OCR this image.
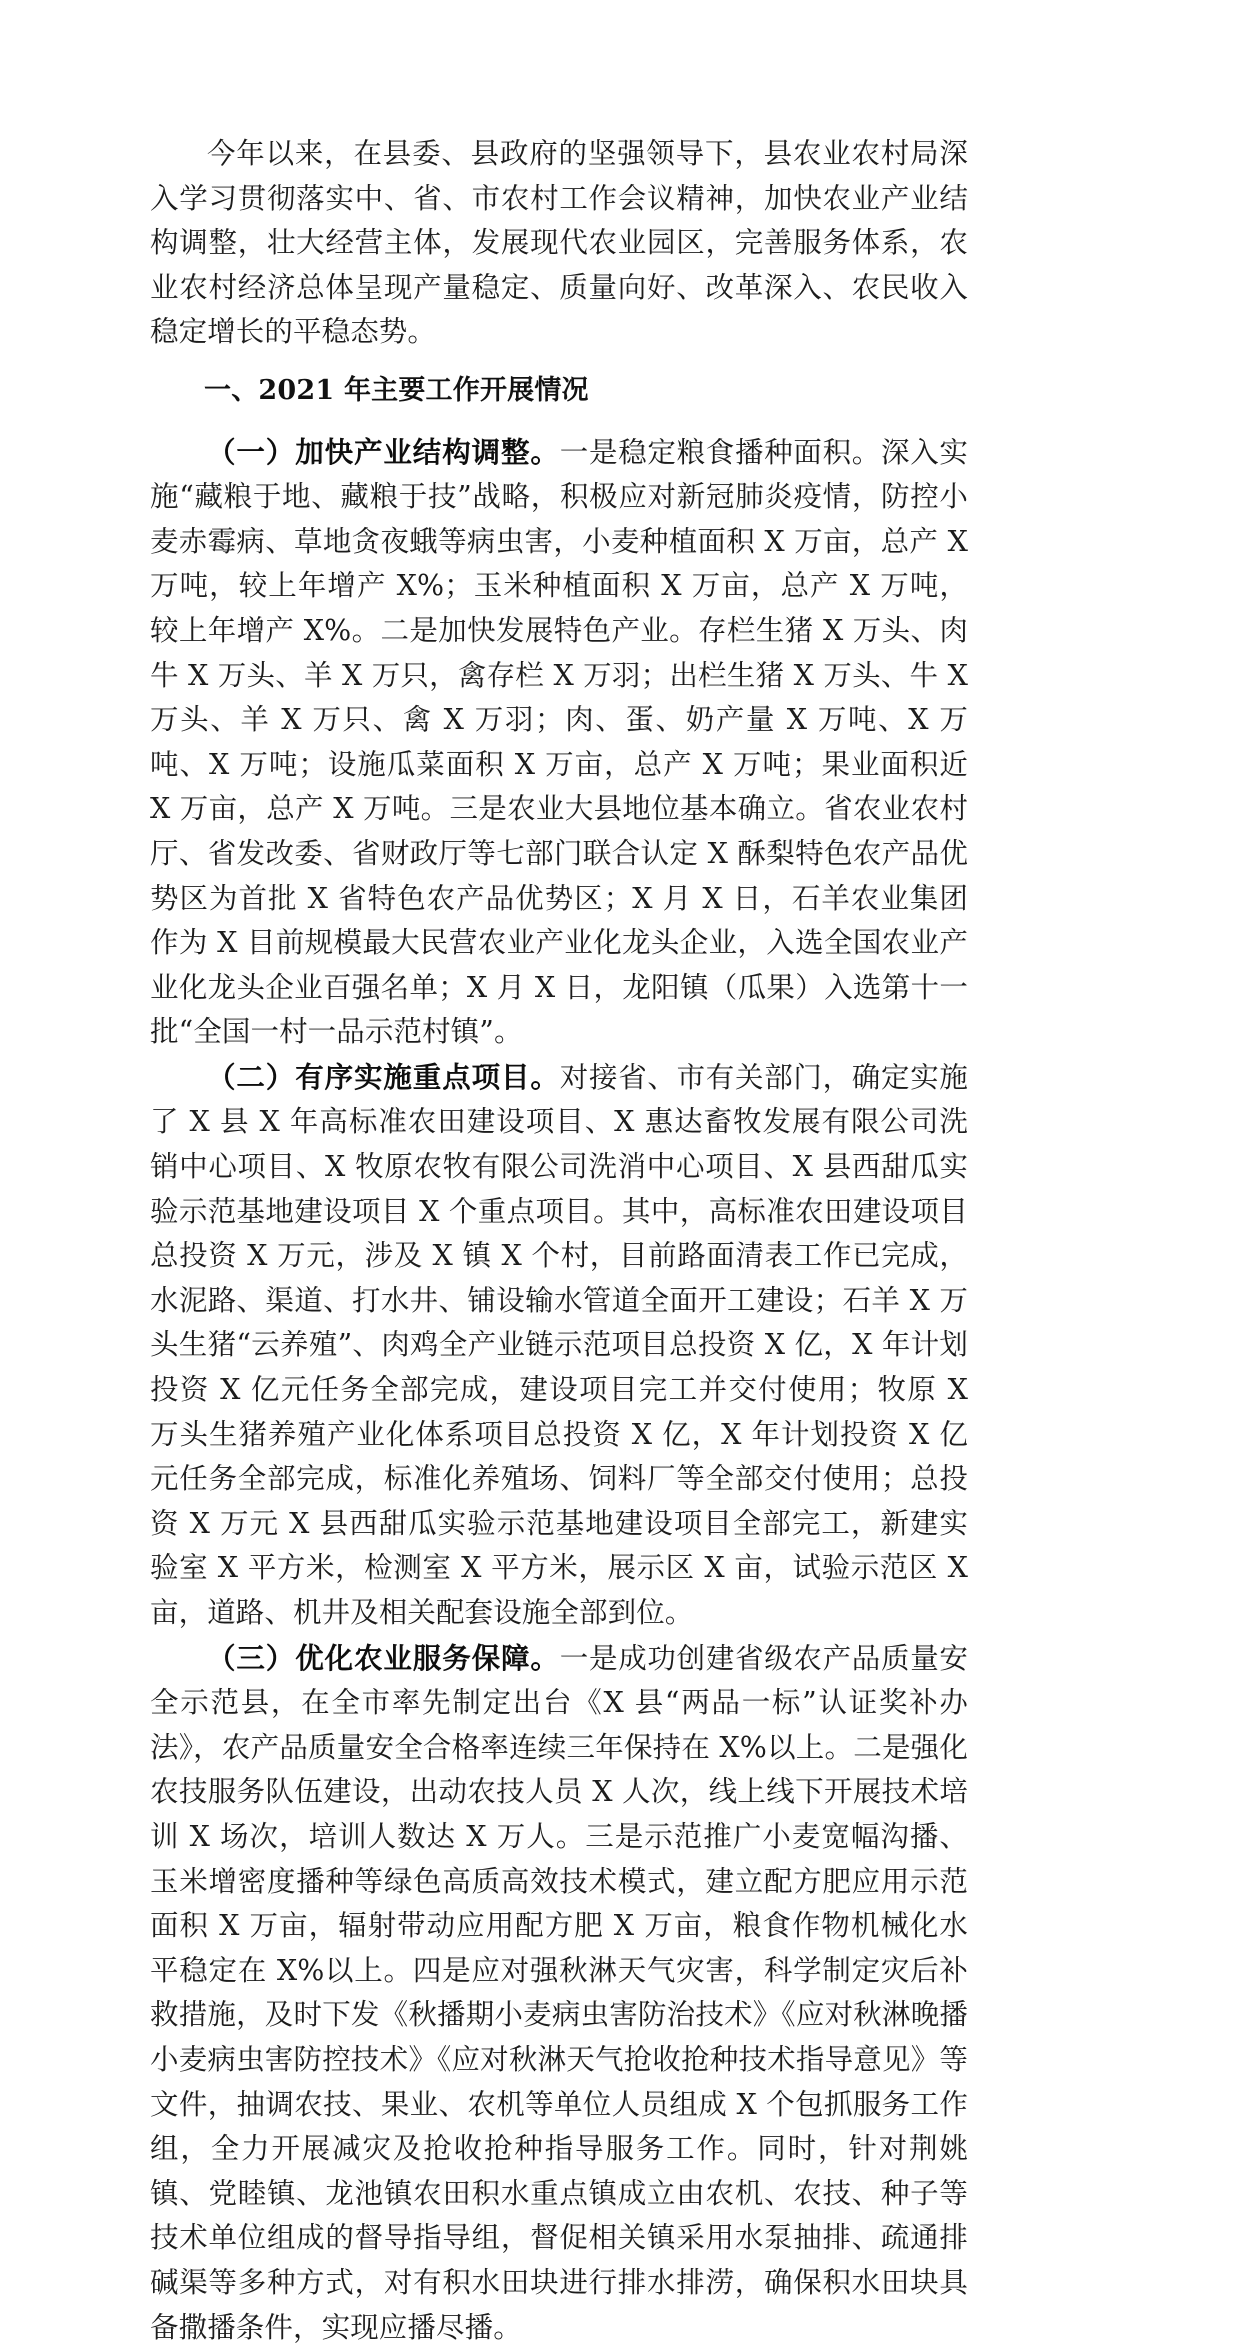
今年以来，在县委、县政府的坚强领导下，县农业农村局深入学习贯彻落实中、省、市农村工作会议精神，加快农业产业结构调整，壮大经营主体，发展现代农业园区，完善服务体系，农业农村经济总体呈现产量稳定、质量向好、改革深入、农民收入稳定增长的平稳态势。

一、2021 年主要工作开展情况

（一）加快产业结构调整。一是稳定粮食播种面积。深入实施“藏粮于地、藏粮于技”战略，积极应对新冠肺炎疫情，防控小麦赤霉病、草地贪夜蛾等病虫害，小麦种植面积 X 万亩，总产 X 万吨，较上年增产 X%；玉米种植面积 X 万亩，总产 X 万吨，较上年增产 X%。二是加快发展特色产业。存栏生猪 X 万头、肉牛 X 万头、羊 X 万只，禽存栏 X 万羽；出栏生猪 X 万头、牛 X 万头、羊 X 万只、禽 X 万羽；肉、蛋、奶产量 X 万吨、X 万吨、X 万吨；设施瓜菜面积 X 万亩，总产 X 万吨；果业面积近 X 万亩，总产 X 万吨。三是农业大县地位基本确立。省农业农村厅、省发改委、省财政厅等七部门联合认定 X 酥梨特色农产品优势区为首批 X 省特色农产品优势区；X 月 X 日，石羊农业集团作为 X 目前规模最大民营农业产业化龙头企业，入选全国农业产业化龙头企业百强名单；X 月 X 日，龙阳镇（瓜果）入选第十一批“全国一村一品示范村镇”。

（二）有序实施重点项目。对接省、市有关部门，确定实施了 X 县 X 年高标准农田建设项目、X 惠达畜牧发展有限公司洗销中心项目、X 牧原农牧有限公司洗消中心项目、X 县西甜瓜实验示范基地建设项目 X 个重点项目。其中，高标准农田建设项目总投资 X 万元，涉及 X 镇 X 个村，目前路面清表工作已完成，水泥路、渠道、打水井、铺设输水管道全面开工建设；石羊 X 万头生猪“云养殖”、肉鸡全产业链示范项目总投资 X 亿，X 年计划投资 X 亿元任务全部完成，建设项目完工并交付使用；牧原 X 万头生猪养殖产业化体系项目总投资 X 亿，X 年计划投资 X 亿元任务全部完成，标准化养殖场、饲料厂等全部交付使用；总投资 X 万元 X 县西甜瓜实验示范基地建设项目全部完工，新建实验室 X 平方米，检测室 X 平方米，展示区 X 亩，试验示范区 X 亩，道路、机井及相关配套设施全部到位。

（三）优化农业服务保障。一是成功创建省级农产品质量安全示范县，在全市率先制定出台《X 县“两品一标”认证奖补办法》，农产品质量安全合格率连续三年保持在 X%以上。二是强化农技服务队伍建设，出动农技人员 X 人次，线上线下开展技术培训 X 场次，培训人数达 X 万人。三是示范推广小麦宽幅沟播、玉米增密度播种等绿色高质高效技术模式，建立配方肥应用示范面积 X 万亩，辐射带动应用配方肥 X 万亩，粮食作物机械化水平稳定在 X%以上。四是应对强秋淋天气灾害，科学制定灾后补救措施，及时下发《秋播期小麦病虫害防治技术》《应对秋淋晚播小麦病虫害防控技术》《应对秋淋天气抢收抢种技术指导意见》等文件，抽调农技、果业、农机等单位人员组成 X 个包抓服务工作组，全力开展减灾及抢收抢种指导服务工作。同时，针对荆姚镇、党睦镇、龙池镇农田积水重点镇成立由农机、农技、种子等技术单位组成的督导指导组，督促相关镇采用水泵抽排、疏通排碱渠等多种方式，对有积水田块进行排水排涝，确保积水田块具备撒播条件，实现应播尽播。
